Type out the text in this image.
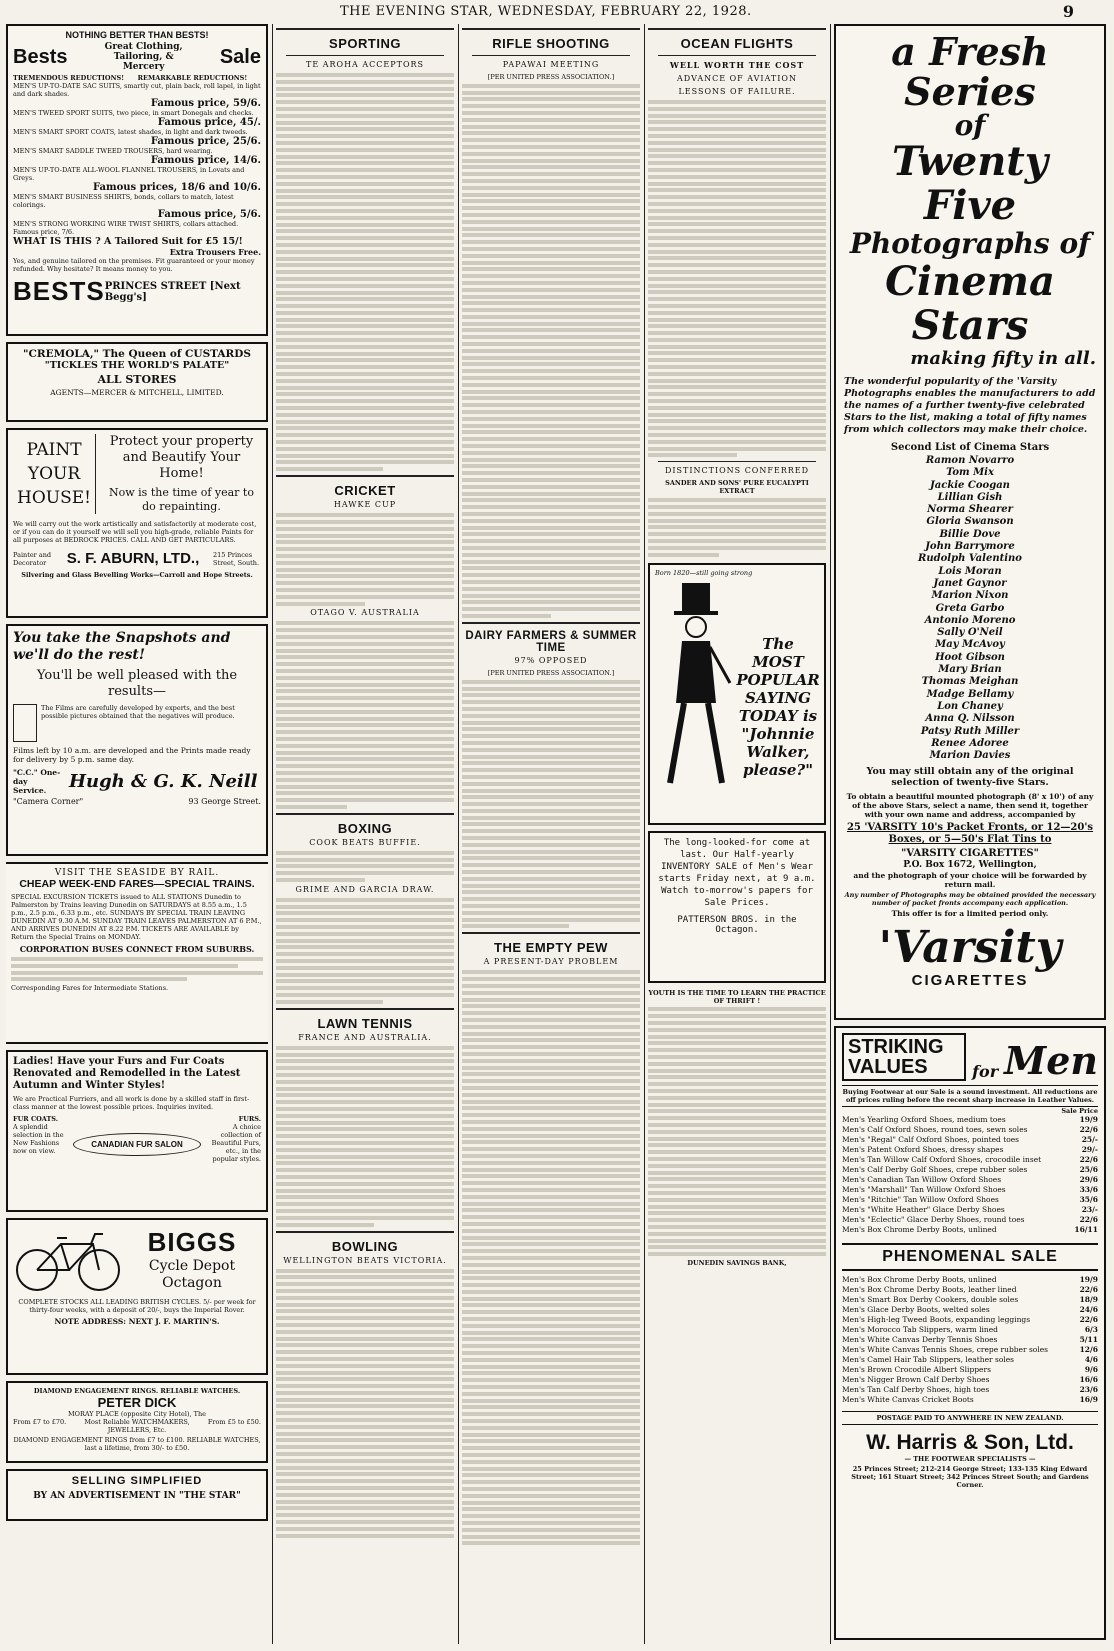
THE EVENING STAR, WEDNESDAY, FEBRUARY 22, 1928.	9
NOTHING BETTER THAN BESTS!
Bests	Great Clothing, Tailoring, & Mercery	Sale
TREMENDOUS REDUCTIONS!      REMARKABLE REDUCTIONS!
MEN'S UP-TO-DATE SAC SUITS, smartly cut, plain back, roll lapel, in light and dark shades.
Famous price, 59/6.
MEN'S TWEED SPORT SUITS, two piece, in smart Donegals and checks.
Famous price, 45/.
MEN'S SMART SPORT COATS, latest shades, in light and dark tweeds.
Famous price, 25/6.
MEN'S SMART SADDLE TWEED TROUSERS, hard wearing.
Famous price, 14/6.
MEN'S UP-TO-DATE ALL-WOOL FLANNEL TROUSERS, in Lovats and Greys.
Famous prices, 18/6 and 10/6.
MEN'S SMART BUSINESS SHIRTS, bonds, collars to match, latest colorings.
Famous price, 5/6.
MEN'S STRONG WORKING WIRE TWIST SHIRTS, collars attached. Famous price, 7/6.
WHAT IS THIS ? A Tailored Suit for £5 15/!
Extra Trousers Free.
Yes, and genuine tailored on the premises. Fit guaranteed or your money refunded. Why hesitate? It means money to you.
BESTS PRINCES STREET [Next Begg's]
"CREMOLA," The Queen of CUSTARDS
"TICKLES THE WORLD'S PALATE"
ALL STORES
AGENTS—MERCER & MITCHELL, LIMITED.
PAINT YOUR HOUSE!
Protect your property and Beautify Your Home!
Now is the time of year to do repainting.
We will carry out the work artistically and satisfactorily at moderate cost, or if you can do it yourself we will sell you high-grade, reliable Paints for all purposes at BEDROCK PRICES. CALL AND GET PARTICULARS.
Painter and Decorator	S. F. ABURN, LTD., 215 Princes Street, South.
Silvering and Glass Bevelling Works—Carroll and Hope Streets.
You take the Snapshots and we'll do the rest!
You'll be well pleased with the results—
The Films are carefully developed by experts, and the best possible pictures obtained that the negatives will produce.
Films left by 10 a.m. are developed and the Prints made ready for delivery by 5 p.m. same day.
"C.C." One-day Service.	Hugh & G. K. Neill
"Camera Corner"	93 George Street.
VISIT THE SEASIDE BY RAIL.
CHEAP WEEK-END FARES—SPECIAL TRAINS.
SPECIAL EXCURSION TICKETS issued to ALL STATIONS Dunedin to Palmerston by Trains leaving Dunedin on SATURDAYS at 8.55 a.m., 1.5 p.m., 2.5 p.m., 6.33 p.m., etc. SUNDAYS BY SPECIAL TRAIN LEAVING DUNEDIN AT 9.30 A.M. SUNDAY TRAIN LEAVES PALMERSTON AT 6 P.M., AND ARRIVES DUNEDIN AT 8.22 P.M. TICKETS ARE AVAILABLE by Return the Special Trains on MONDAY.
CORPORATION BUSES CONNECT FROM SUBURBS.
Corresponding Fares for Intermediate Stations.
Ladies! Have your Furs and Fur Coats Renovated and Remodelled in the Latest Autumn and Winter Styles!
We are Practical Furriers, and all work is done by a skilled staff in first-class manner at the lowest possible prices. Inquiries invited.
FUR COATS.
A splendid selection in the New Fashions now on view.
CANADIAN FUR SALON
FURS.
A choice collection of Beautiful Furs, etc., in the popular styles.
BIGGS
Cycle Depot Octagon
COMPLETE STOCKS ALL LEADING BRITISH CYCLES. 5/- per week for thirty-four weeks, with a deposit of 20/-, buys the Imperial Rover.
NOTE ADDRESS: NEXT J. F. MARTIN'S.
DIAMOND ENGAGEMENT RINGS. RELIABLE WATCHES.
PETER DICK
From £7 to £70.
MORAY PLACE (opposite City Hotel), The Most Reliable WATCHMAKERS, JEWELLERS, Etc.
From £5 to £50.
DIAMOND ENGAGEMENT RINGS from £7 to £100. RELIABLE WATCHES, last a lifetime, from 30/- to £50.
SELLING SIMPLIFIED
BY AN ADVERTISEMENT IN "THE STAR"
SPORTING
TE AROHA ACCEPTORS
CRICKET
HAWKE CUP
OTAGO V. AUSTRALIA
BOXING
COOK BEATS BUFFIE.
GRIME AND GARCIA DRAW.
LAWN TENNIS
FRANCE AND AUSTRALIA.
BOWLING
WELLINGTON BEATS VICTORIA.
RIFLE SHOOTING
PAPAWAI MEETING
[PER UNITED PRESS ASSOCIATION.]
DAIRY FARMERS & SUMMER TIME
97% OPPOSED
[PER UNITED PRESS ASSOCIATION.]
THE EMPTY PEW
A PRESENT-DAY PROBLEM
OCEAN FLIGHTS
WELL WORTH THE COST
ADVANCE OF AVIATION
LESSONS OF FAILURE.
DISTINCTIONS CONFERRED
SANDER AND SONS' PURE EUCALYPTI EXTRACT
Born 1820—still going strong
The MOST POPULAR SAYING TODAY is "Johnnie Walker, please?"
The long-looked-for come at last. Our Half-yearly INVENTORY SALE of Men's Wear starts Friday next, at 9 a.m. Watch to-morrow's papers for Sale Prices.
PATTERSON BROS. in the Octagon.
YOUTH IS THE TIME TO LEARN THE PRACTICE OF THRIFT !
DUNEDIN SAVINGS BANK,
a Fresh Series
of
Twenty Five
Photographs of
Cinema Stars
making fifty in all.
The wonderful popularity of the 'Varsity Photographs enables the manufacturers to add the names of a further twenty-five celebrated Stars to the list, making a total of fifty names from which collectors may make their choice.
Second List of Cinema Stars
Ramon Novarro
Tom Mix
Jackie Coogan
Lillian Gish
Norma Shearer
Gloria Swanson
Billie Dove
John Barrymore
Rudolph Valentino
Lois Moran
Janet Gaynor
Marion Nixon
Greta Garbo
Antonio Moreno
Sally O'Neil
May McAvoy
Hoot Gibson
Mary Brian
Thomas Meighan
Madge Bellamy
Lon Chaney
Anna Q. Nilsson
Patsy Ruth Miller
Renee Adoree
Marion Davies
You may still obtain any of the original selection of twenty-five Stars.
To obtain a beautiful mounted photograph (8' x 10') of any of the above Stars, select a name, then send it, together with your own name and address, accompanied by
25 'VARSITY 10's Packet Fronts, or 12—20's Boxes, or 5—50's Flat Tins to
"VARSITY CIGARETTES"
P.O. Box 1672, Wellington,
and the photograph of your choice will be forwarded by return mail.
Any number of Photographs may be obtained provided the necessary number of packet fronts accompany each application.
This offer is for a limited period only.
'Varsity
CIGARETTES
STRIKING VALUES	for Men
Buying Footwear at our Sale is a sound investment. All reductions are off prices ruling before the recent sharp increase in Leather Values.
Sale Price
Men's Yearling Oxford Shoes, medium toes	19/9
Men's Calf Oxford Shoes, round toes, sewn soles	22/6
Men's "Regal" Calf Oxford Shoes, pointed toes	25/-
Men's Patent Oxford Shoes, dressy shapes	29/-
Men's Tan Willow Calf Oxford Shoes, crocodile inset	22/6
Men's Calf Derby Golf Shoes, crepe rubber soles	25/6
Men's Canadian Tan Willow Oxford Shoes	29/6
Men's "Marshall" Tan Willow Oxford Shoes	33/6
Men's "Ritchie" Tan Willow Oxford Shoes	35/6
Men's "White Heather" Glace Derby Shoes	23/-
Men's "Eclectic" Glace Derby Shoes, round toes	22/6
Men's Box Chrome Derby Boots, unlined	16/11
PHENOMENAL SALE
Men's Box Chrome Derby Boots, unlined	19/9
Men's Box Chrome Derby Boots, leather lined	22/6
Men's Smart Box Derby Cookers, double soles	18/9
Men's Glace Derby Boots, welted soles	24/6
Men's High-leg Tweed Boots, expanding leggings	22/6
Men's Morocco Tab Slippers, warm lined	6/3
Men's White Canvas Derby Tennis Shoes	5/11
Men's White Canvas Tennis Shoes, crepe rubber soles	12/6
Men's Camel Hair Tab Slippers, leather soles	4/6
Men's Brown Crocodile Albert Slippers	9/6
Men's Nigger Brown Calf Derby Shoes	16/6
Men's Tan Calf Derby Shoes, high toes	23/6
Men's White Canvas Cricket Boots	16/9
POSTAGE PAID TO ANYWHERE IN NEW ZEALAND.
W. Harris & Son, Ltd.
— THE FOOTWEAR SPECIALISTS —
25 Princes Street; 212-214 George Street; 133-135 King Edward Street; 161 Stuart Street; 342 Princes Street South; and Gardens Corner.
